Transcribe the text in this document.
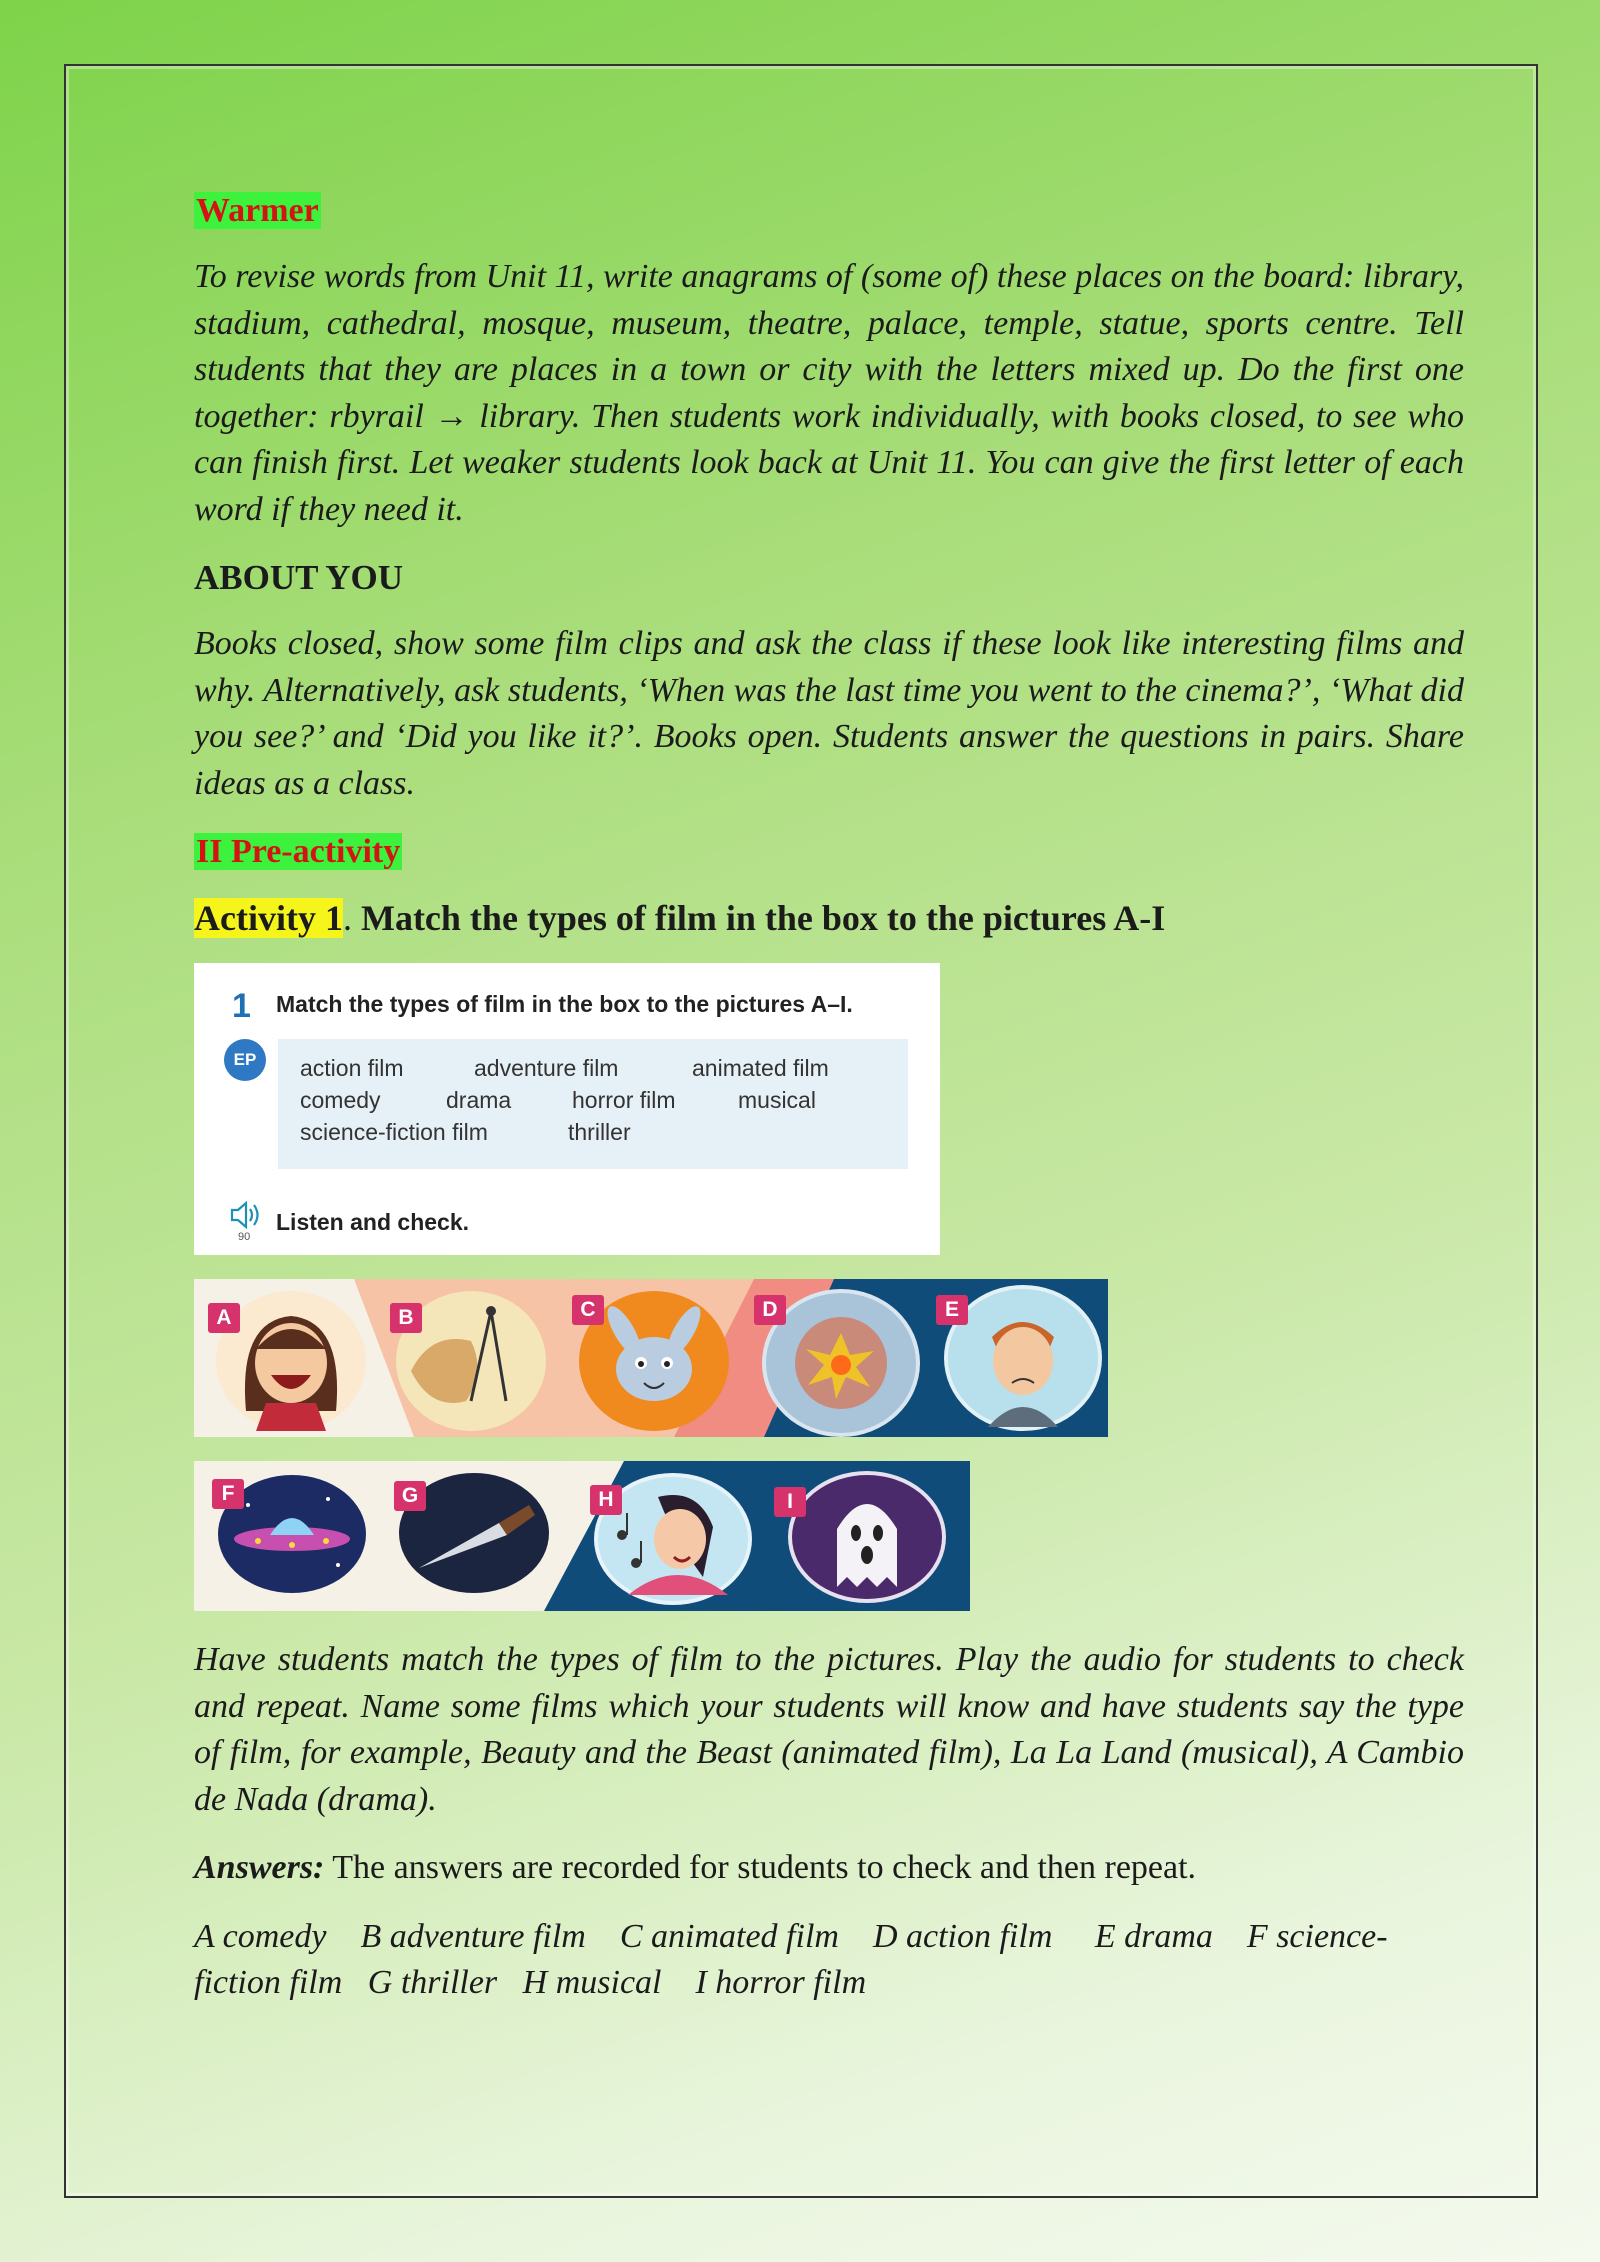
Warmer

To revise words from Unit 11, write anagrams of (some of) these places on the board: library, stadium, cathedral, mosque, museum, theatre, palace, temple, statue, sports centre. Tell students that they are places in a town or city with the letters mixed up. Do the first one together: rbyrail → library. Then students work individually, with books closed, to see who can finish first. Let weaker students look back at Unit 11. You can give the first letter of each word if they need it.

ABOUT YOU

Books closed, show some film clips and ask the class if these look like interesting films and why. Alternatively, ask students, ‘When was the last time you went to the cinema?’, ‘What did you see?’ and ‘Did you like it?’. Books open. Students answer the questions in pairs. Share ideas as a class.

II Pre-activity

Activity 1. Match the types of film in the box to the pictures A-I

1 Match the types of film in the box to the pictures A–I.
EP	action film	adventure film	animated film
comedy	drama	horror film	musical
science-fiction film	thriller
90
Listen and check.
A	B	C	D	E
F	G	H	I

Have students match the types of film to the pictures. Play the audio for students to check and repeat. Name some films which your students will know and have students say the type of film, for example, Beauty and the Beast (animated film), La La Land (musical), A Cambio de Nada (drama).

Answers: The answers are recorded for students to check and then repeat.

A comedy    B adventure film    C animated film    D action film     E drama    F science-fiction film   G thriller   H musical    I horror film
